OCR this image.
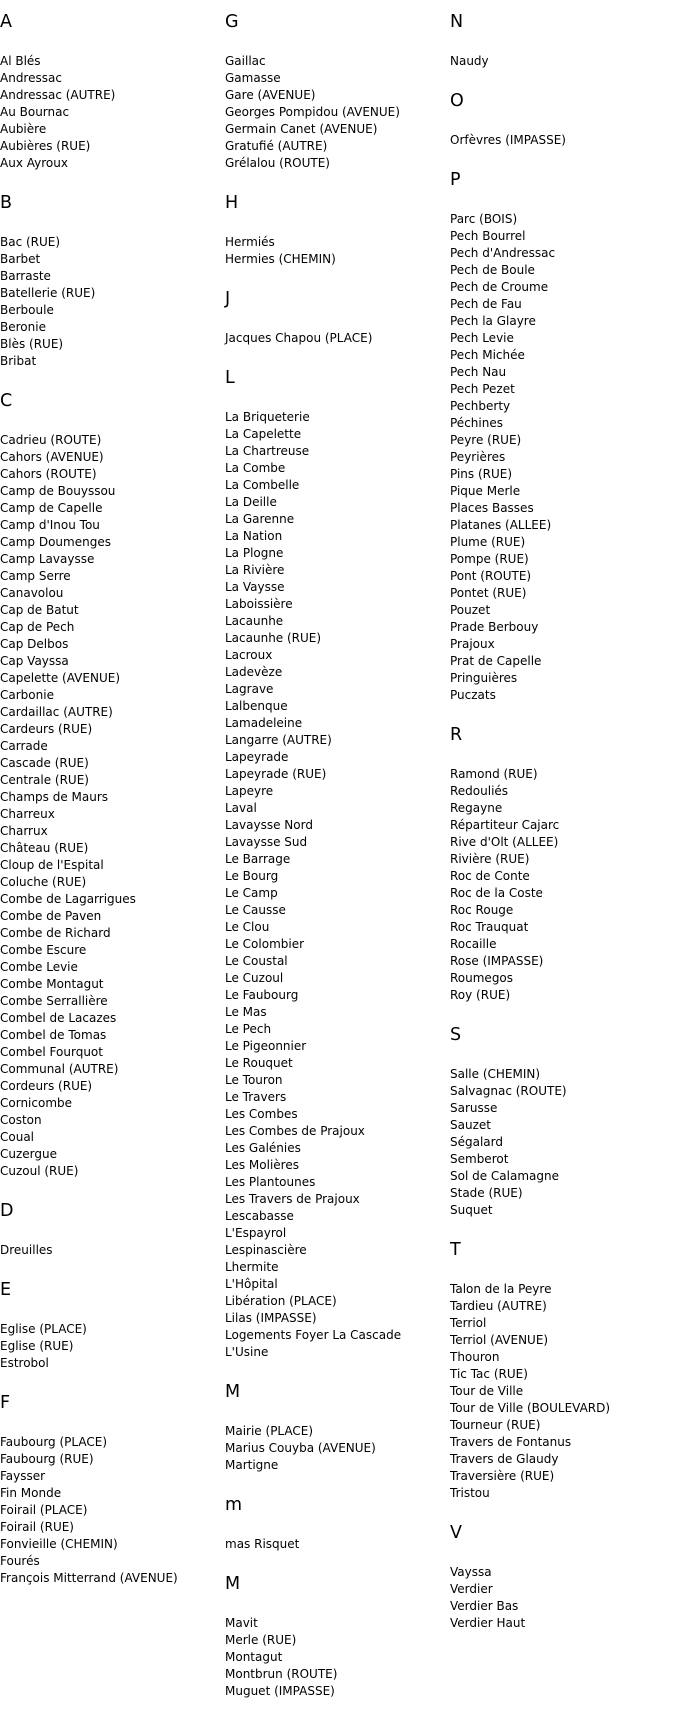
A
Al Blés
Andressac
Andressac (AUTRE)
Au Bournac
Aubière
Aubières (RUE)
Aux Ayroux
B
Bac (RUE)
Barbet
Barraste
Batellerie (RUE)
Berboule
Beronie
Blès (RUE)
Bribat
C
Cadrieu (ROUTE)
Cahors (AVENUE)
Cahors (ROUTE)
Camp de Bouyssou
Camp de Capelle
Camp d'Inou Tou
Camp Doumenges
Camp Lavaysse
Camp Serre
Canavolou
Cap de Batut
Cap de Pech
Cap Delbos
Cap Vayssa
Capelette (AVENUE)
Carbonie
Cardaillac (AUTRE)
Cardeurs (RUE)
Carrade
Cascade (RUE)
Centrale (RUE)
Champs de Maurs
Charreux
Charrux
Château (RUE)
Cloup de l'Espital
Coluche (RUE)
Combe de Lagarrigues
Combe de Paven
Combe de Richard
Combe Escure
Combe Levie
Combe Montagut
Combe Serrallière
Combel de Lacazes
Combel de Tomas
Combel Fourquot
Communal (AUTRE)
Cordeurs (RUE)
Cornicombe
Coston
Coual
Cuzergue
Cuzoul (RUE)
D
Dreuilles
E
Eglise (PLACE)
Eglise (RUE)
Estrobol
F
Faubourg (PLACE)
Faubourg (RUE)
Faysser
Fin Monde
Foirail (PLACE)
Foirail (RUE)
Fonvieille (CHEMIN)
Fourés
François Mitterrand (AVENUE)
G
Gaillac
Gamasse
Gare (AVENUE)
Georges Pompidou (AVENUE)
Germain Canet (AVENUE)
Gratufié (AUTRE)
Grélalou (ROUTE)
H
Hermiés
Hermies (CHEMIN)
J
Jacques Chapou (PLACE)
L
La Briqueterie
La Capelette
La Chartreuse
La Combe
La Combelle
La Deille
La Garenne
La Nation
La Plogne
La Rivière
La Vaysse
Laboissière
Lacaunhe
Lacaunhe (RUE)
Lacroux
Ladevèze
Lagrave
Lalbenque
Lamadeleine
Langarre (AUTRE)
Lapeyrade
Lapeyrade (RUE)
Lapeyre
Laval
Lavaysse Nord
Lavaysse Sud
Le Barrage
Le Bourg
Le Camp
Le Causse
Le Clou
Le Colombier
Le Coustal
Le Cuzoul
Le Faubourg
Le Mas
Le Pech
Le Pigeonnier
Le Rouquet
Le Touron
Le Travers
Les Combes
Les Combes de Prajoux
Les Galénies
Les Molières
Les Plantounes
Les Travers de Prajoux
Lescabasse
L'Espayrol
Lespinascière
Lhermite
L'Hôpital
Libération (PLACE)
Lilas (IMPASSE)
Logements Foyer La Cascade
L'Usine
M
Mairie (PLACE)
Marius Couyba (AVENUE)
Martigne
m
mas Risquet
M
Mavit
Merle (RUE)
Montagut
Montbrun (ROUTE)
Muguet (IMPASSE)
N
Naudy
O
Orfèvres (IMPASSE)
P
Parc (BOIS)
Pech Bourrel
Pech d'Andressac
Pech de Boule
Pech de Croume
Pech de Fau
Pech la Glayre
Pech Levie
Pech Michée
Pech Nau
Pech Pezet
Pechberty
Péchines
Peyre (RUE)
Peyrières
Pins (RUE)
Pique Merle
Places Basses
Platanes (ALLEE)
Plume (RUE)
Pompe (RUE)
Pont (ROUTE)
Pontet (RUE)
Pouzet
Prade Berbouy
Prajoux
Prat de Capelle
Pringuières
Puczats
R
Ramond (RUE)
Redouliés
Regayne
Répartiteur Cajarc
Rive d'Olt (ALLEE)
Rivière (RUE)
Roc de Conte
Roc de la Coste
Roc Rouge
Roc Trauquat
Rocaille
Rose (IMPASSE)
Roumegos
Roy (RUE)
S
Salle (CHEMIN)
Salvagnac (ROUTE)
Sarusse
Sauzet
Ségalard
Semberot
Sol de Calamagne
Stade (RUE)
Suquet
T
Talon de la Peyre
Tardieu (AUTRE)
Terriol
Terriol (AVENUE)
Thouron
Tic Tac (RUE)
Tour de Ville
Tour de Ville (BOULEVARD)
Tourneur (RUE)
Travers de Fontanus
Travers de Glaudy
Traversière (RUE)
Tristou
V
Vayssa
Verdier
Verdier Bas
Verdier Haut
